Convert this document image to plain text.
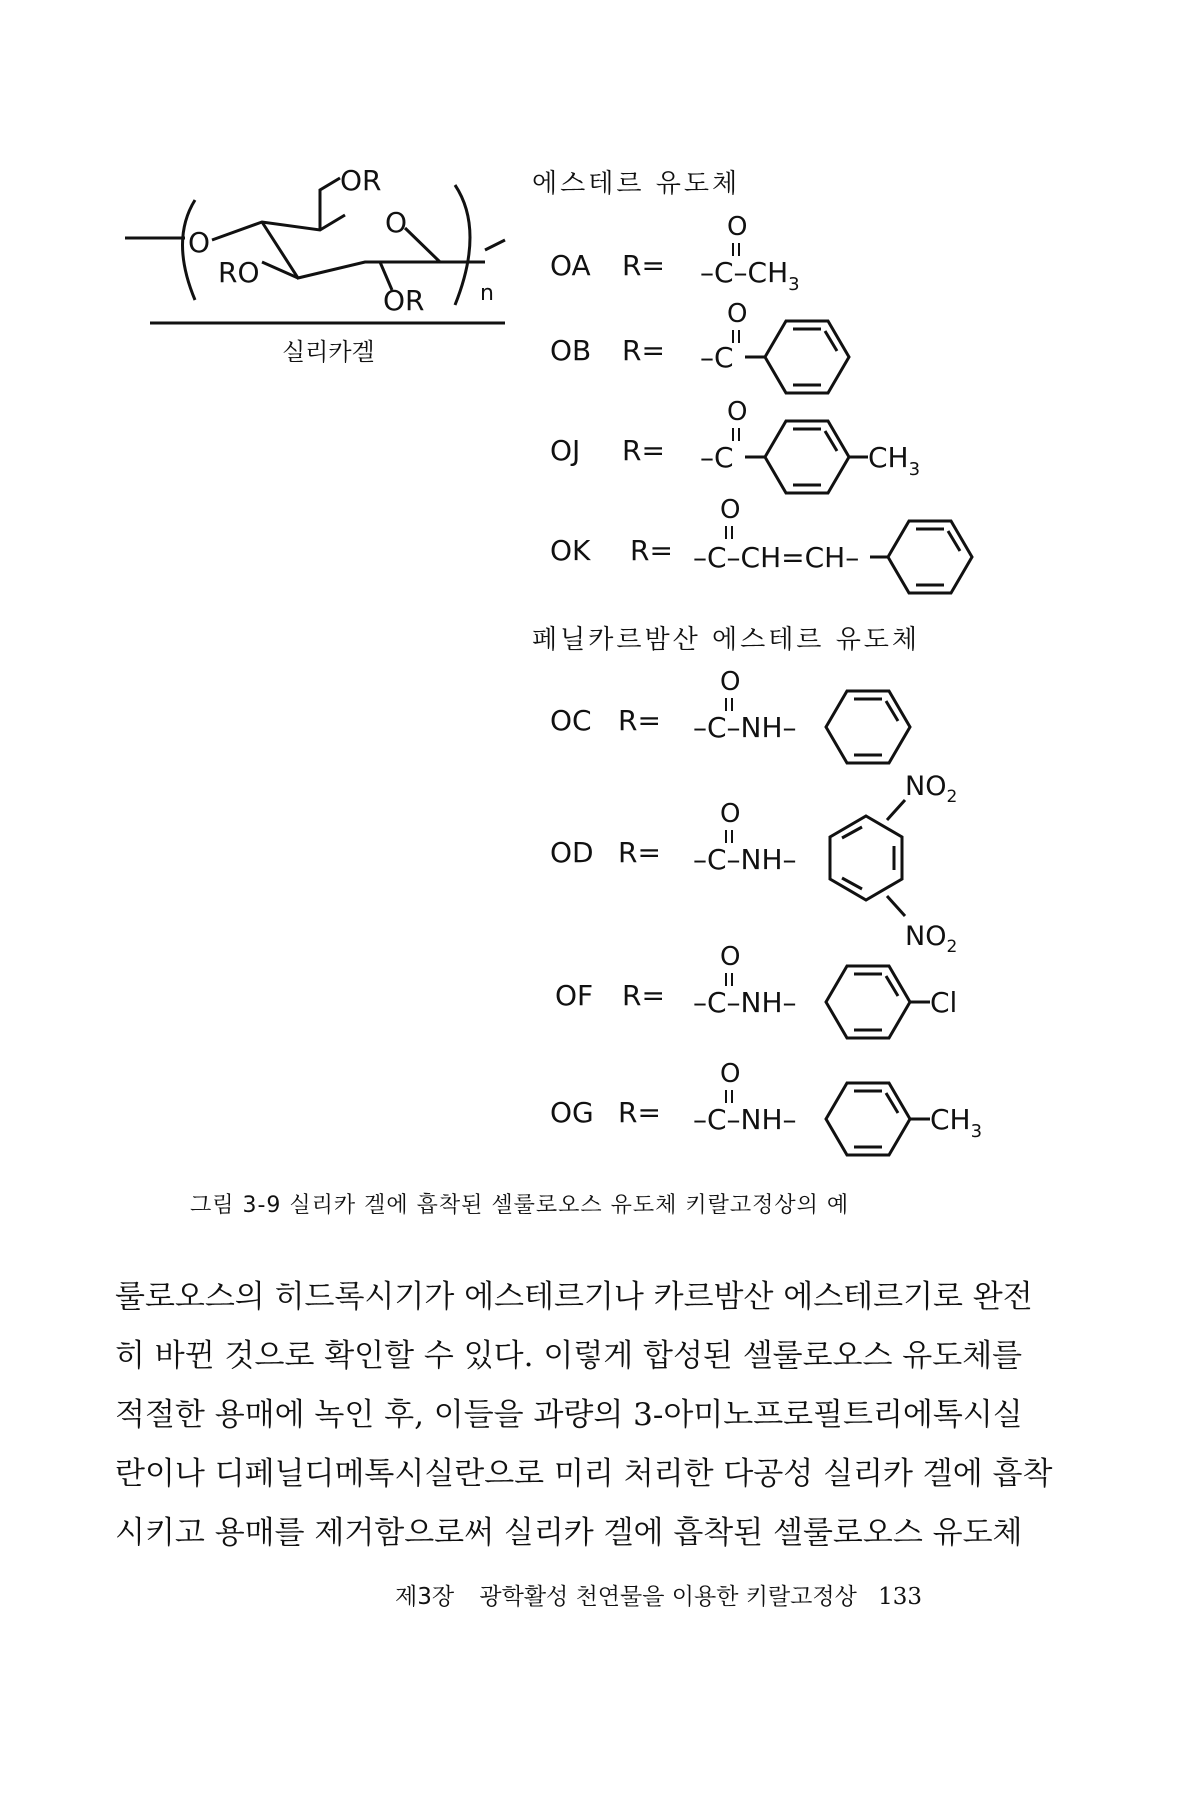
O
O
OR
RO
OR	n
실리카겔
에스테르 유도체
OA R=
O
$-C-CH_3$
OB R=
O
–C
OJ R=
O
–C	$CH_3$
OK R=
O
–C–CH=CH–
페닐카르밤산 에스테르 유도체
OC R=
O
–C–NH–
$NO_2$
OD R=
O
–C–NH–
$NO_2$
OF R=
O
–C–NH–	Cl
OG R=
O
–C–NH–	$CH_3$
그림 3-9 실리카 겔에 흡착된 셀룰로오스 유도체 키랄고정상의 예
룰로오스의 히드록시기가 에스테르기나 카르밤산 에스테르기로 완전
히 바뀐 것으로 확인할 수 있다. 이렇게 합성된 셀룰로오스 유도체를
적절한 용매에 녹인 후, 이들을 과량의 3-아미노프로필트리에톡시실
란이나 디페닐디메톡시실란으로 미리 처리한 다공성 실리카 겔에 흡착
시키고 용매를 제거함으로써 실리카 겔에 흡착된 셀룰로오스 유도체
제3장 광학활성 천연물을 이용한 키랄고정상 133
